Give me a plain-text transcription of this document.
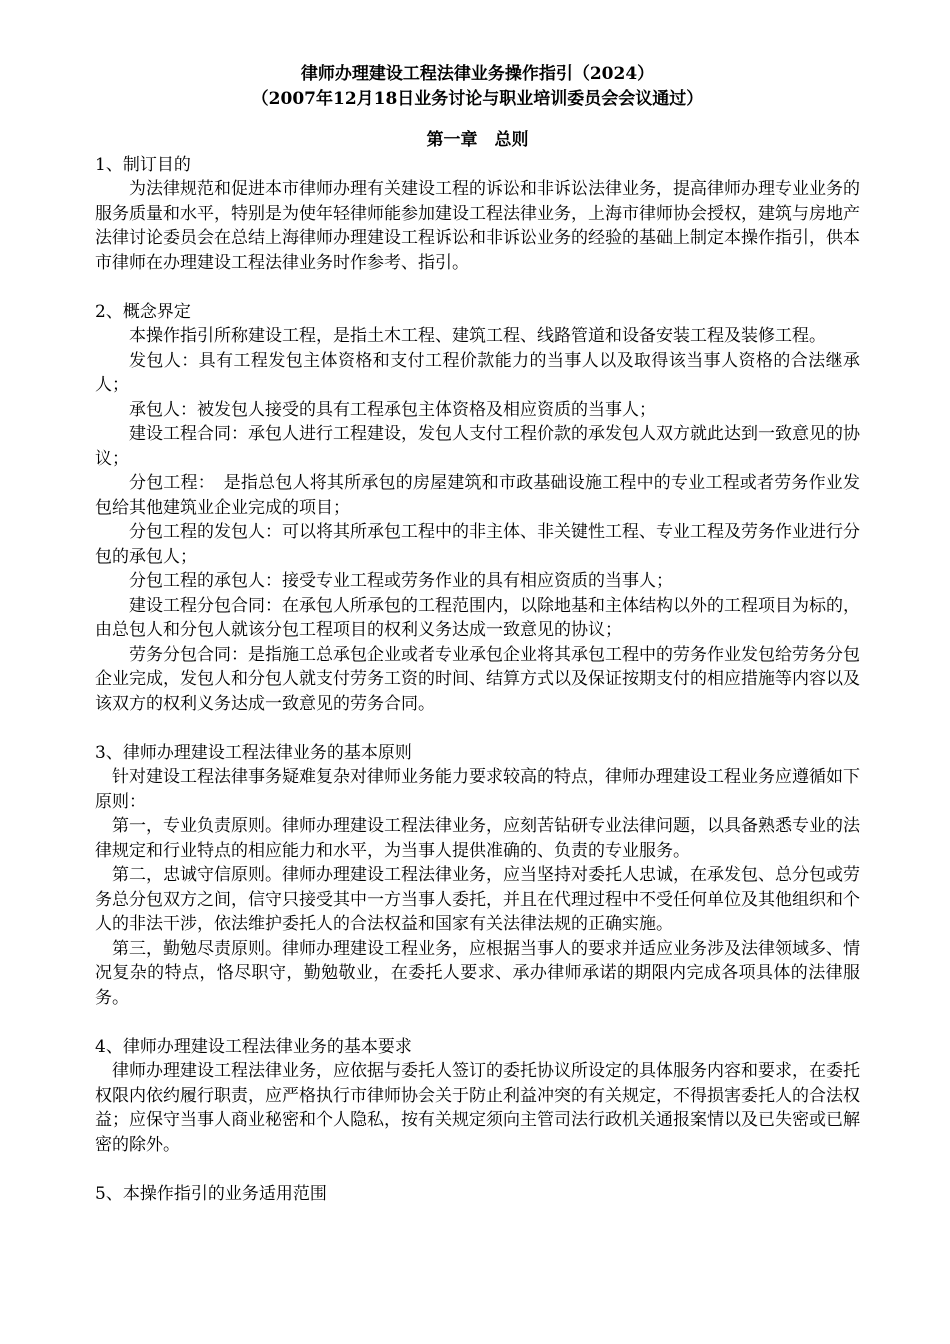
律师办理建设工程法律业务操作指引（2024）
（2007年12月18日业务讨论与职业培训委员会会议通过）
第一章　总则

1、制订目的

为法律规范和促进本市律师办理有关建设工程的诉讼和非诉讼法律业务，提高律师办理专业业务的服务质量和水平，特别是为使年轻律师能参加建设工程法律业务，上海市律师协会授权，建筑与房地产法律讨论委员会在总结上海律师办理建设工程诉讼和非诉讼业务的经验的基础上制定本操作指引，供本市律师在办理建设工程法律业务时作参考、指引。

2、概念界定

本操作指引所称建设工程，是指土木工程、建筑工程、线路管道和设备安装工程及装修工程。

发包人：具有工程发包主体资格和支付工程价款能力的当事人以及取得该当事人资格的合法继承人；

承包人：被发包人接受的具有工程承包主体资格及相应资质的当事人；

建设工程合同：承包人进行工程建设，发包人支付工程价款的承发包人双方就此达到一致意见的协议；

分包工程：　是指总包人将其所承包的房屋建筑和市政基础设施工程中的专业工程或者劳务作业发包给其他建筑业企业完成的项目；

分包工程的发包人：可以将其所承包工程中的非主体、非关键性工程、专业工程及劳务作业进行分包的承包人；

分包工程的承包人：接受专业工程或劳务作业的具有相应资质的当事人；

建设工程分包合同：在承包人所承包的工程范围内，以除地基和主体结构以外的工程项目为标的，由总包人和分包人就该分包工程项目的权利义务达成一致意见的协议；

劳务分包合同：是指施工总承包企业或者专业承包企业将其承包工程中的劳务作业发包给劳务分包企业完成，发包人和分包人就支付劳务工资的时间、结算方式以及保证按期支付的相应措施等内容以及该双方的权利义务达成一致意见的劳务合同。

3、律师办理建设工程法律业务的基本原则

针对建设工程法律事务疑难复杂对律师业务能力要求较高的特点，律师办理建设工程业务应遵循如下原则：

第一，专业负责原则。律师办理建设工程法律业务，应刻苦钻研专业法律问题，以具备熟悉专业的法律规定和行业特点的相应能力和水平，为当事人提供准确的、负责的专业服务。

第二，忠诚守信原则。律师办理建设工程法律业务，应当坚持对委托人忠诚，在承发包、总分包或劳务总分包双方之间，信守只接受其中一方当事人委托，并且在代理过程中不受任何单位及其他组织和个人的非法干涉，依法维护委托人的合法权益和国家有关法律法规的正确实施。

第三，勤勉尽责原则。律师办理建设工程业务，应根据当事人的要求并适应业务涉及法律领域多、情况复杂的特点，恪尽职守，勤勉敬业，在委托人要求、承办律师承诺的期限内完成各项具体的法律服务。

4、律师办理建设工程法律业务的基本要求

律师办理建设工程法律业务，应依据与委托人签订的委托协议所设定的具体服务内容和要求，在委托权限内依约履行职责，应严格执行市律师协会关于防止利益冲突的有关规定，不得损害委托人的合法权益；应保守当事人商业秘密和个人隐私，按有关规定须向主管司法行政机关通报案情以及已失密或已解密的除外。

5、本操作指引的业务适用范围
